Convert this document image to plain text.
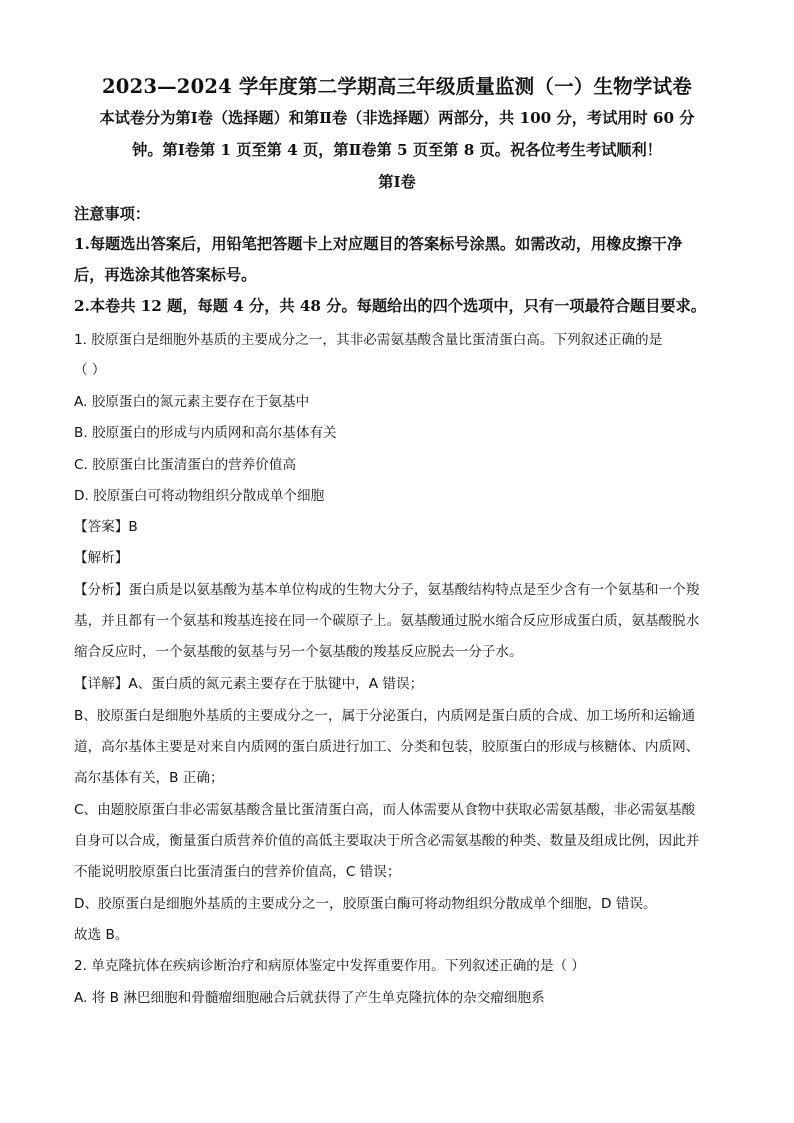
2023—2024 学年度第二学期高三年级质量监测（一）生物学试卷
本试卷分为第Ⅰ卷（选择题）和第Ⅱ卷（非选择题）两部分，共 100 分，考试用时 60 分
钟。第Ⅰ卷第 1 页至第 4 页，第Ⅱ卷第 5 页至第 8 页。祝各位考生考试顺利！
第Ⅰ卷
注意事项：
1.每题选出答案后，用铅笔把答题卡上对应题目的答案标号涂黑。如需改动，用橡皮擦干净
后，再选涂其他答案标号。
2.本卷共 12 题，每题 4 分，共 48 分。每题给出的四个选项中，只有一项最符合题目要求。
1. 胶原蛋白是细胞外基质的主要成分之一，其非必需氨基酸含量比蛋清蛋白高。下列叙述正确的是
（ ）
A. 胶原蛋白的氮元素主要存在于氨基中
B. 胶原蛋白的形成与内质网和高尔基体有关
C. 胶原蛋白比蛋清蛋白的营养价值高
D. 胶原蛋白可将动物组织分散成单个细胞
【答案】B
【解析】
【分析】蛋白质是以氨基酸为基本单位构成的生物大分子，氨基酸结构特点是至少含有一个氨基和一个羧
基，并且都有一个氨基和羧基连接在同一个碳原子上。氨基酸通过脱水缩合反应形成蛋白质，氨基酸脱水
缩合反应时，一个氨基酸的氨基与另一个氨基酸的羧基反应脱去一分子水。
【详解】A、蛋白质的氮元素主要存在于肽键中，A 错误；
B、胶原蛋白是细胞外基质的主要成分之一，属于分泌蛋白，内质网是蛋白质的合成、加工场所和运输通
道，高尔基体主要是对来自内质网的蛋白质进行加工、分类和包装，胶原蛋白的形成与核糖体、内质网、
高尔基体有关，B 正确；
C、由题胶原蛋白非必需氨基酸含量比蛋清蛋白高，而人体需要从食物中获取必需氨基酸，非必需氨基酸
自身可以合成，衡量蛋白质营养价值的高低主要取决于所含必需氨基酸的种类、数量及组成比例，因此并
不能说明胶原蛋白比蛋清蛋白的营养价值高，C 错误；
D、胶原蛋白是细胞外基质的主要成分之一，胶原蛋白酶可将动物组织分散成单个细胞，D 错误。
故选 B。
2. 单克隆抗体在疾病诊断治疗和病原体鉴定中发挥重要作用。下列叙述正确的是（ ）
A. 将 B 淋巴细胞和骨髓瘤细胞融合后就获得了产生单克隆抗体的杂交瘤细胞系
